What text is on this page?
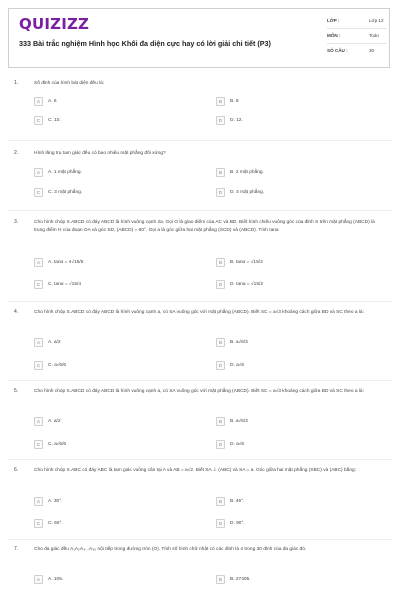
QUIZIZZ
333 Bài trắc nghiệm Hình học Khối đa diện cực hay có lời giải chi tiết (P3)
LỚP :	Lớp 12
MÔN :	Toán
SỐ CÂU :	30
1.	Số đỉnh của hình bát diện đều là:
A	A. 6	B	B. 8
C	C. 10.	D	D. 12.
2.	Hình lăng trụ tam giác đều có bao nhiêu mặt phẳng đối xứng?
A	A. 1 mặt phẳng.	B	B. 2 mặt phẳng.
C	C. 3 mặt phẳng.	D	D. 4 mặt phẳng.
3.	Cho hình chóp S.ABCD có đáy ABCD là hình vuông cạnh 2a. Gọi O là giao điểm của AC và BD. Biết hình chiếu vuông góc của đỉnh S trên mặt phẳng (ABCD) là trung điểm H của đoạn OA và góc SD, (ABCD) = 60°. Gọi a là góc giữa hai mặt phẳng (SCD) và (ABCD). Tính tana
A	A. tanα = 4√15/5	B	B. tanα = √15/3
C	C. tanα = √15/4	D	D. tanα = √15/2
4.	Cho hình chóp S.ABCD có đáy ABCD là hình vuông cạnh a, có SA vuông góc với mặt phẳng (ABCD). Biết SC = a√3 khoảng cách giữa BD và SC theo a là:
A	A. a/2	B	B. a√6/3
C	C. a√6/6	D	D. a√6
5.	Cho hình chóp S.ABCD có đáy ABCD là hình vuông cạnh a, có SA vuông góc với mặt phẳng (ABCD). Biết SC = a√3 khoảng cách giữa BD và SC theo a là:
A	A. a/2	B	B. a√6/3
C	C. a√6/6	D	D. a√6
6.	Cho hình chóp S.ABC có đáy ABC là tam giác vuông cân tại A và AB = a√2. Biết SA ⊥ (ABC) và SA = a. Góc giữa hai mặt phẳng (SBC) và (ABC) bằng:
A	A. 30°.	B	B. 45°.
C	C. 60°.	D	D. 90°.
7.	Cho đa giác đều A₁A₂A₃...A₃₀ nội tiếp trong đường tròn (O). Tính số hình chữ nhật có các đỉnh là 4 trong 30 đỉnh của đa giác đó.
A	A. 105.	B	B. 27405.
